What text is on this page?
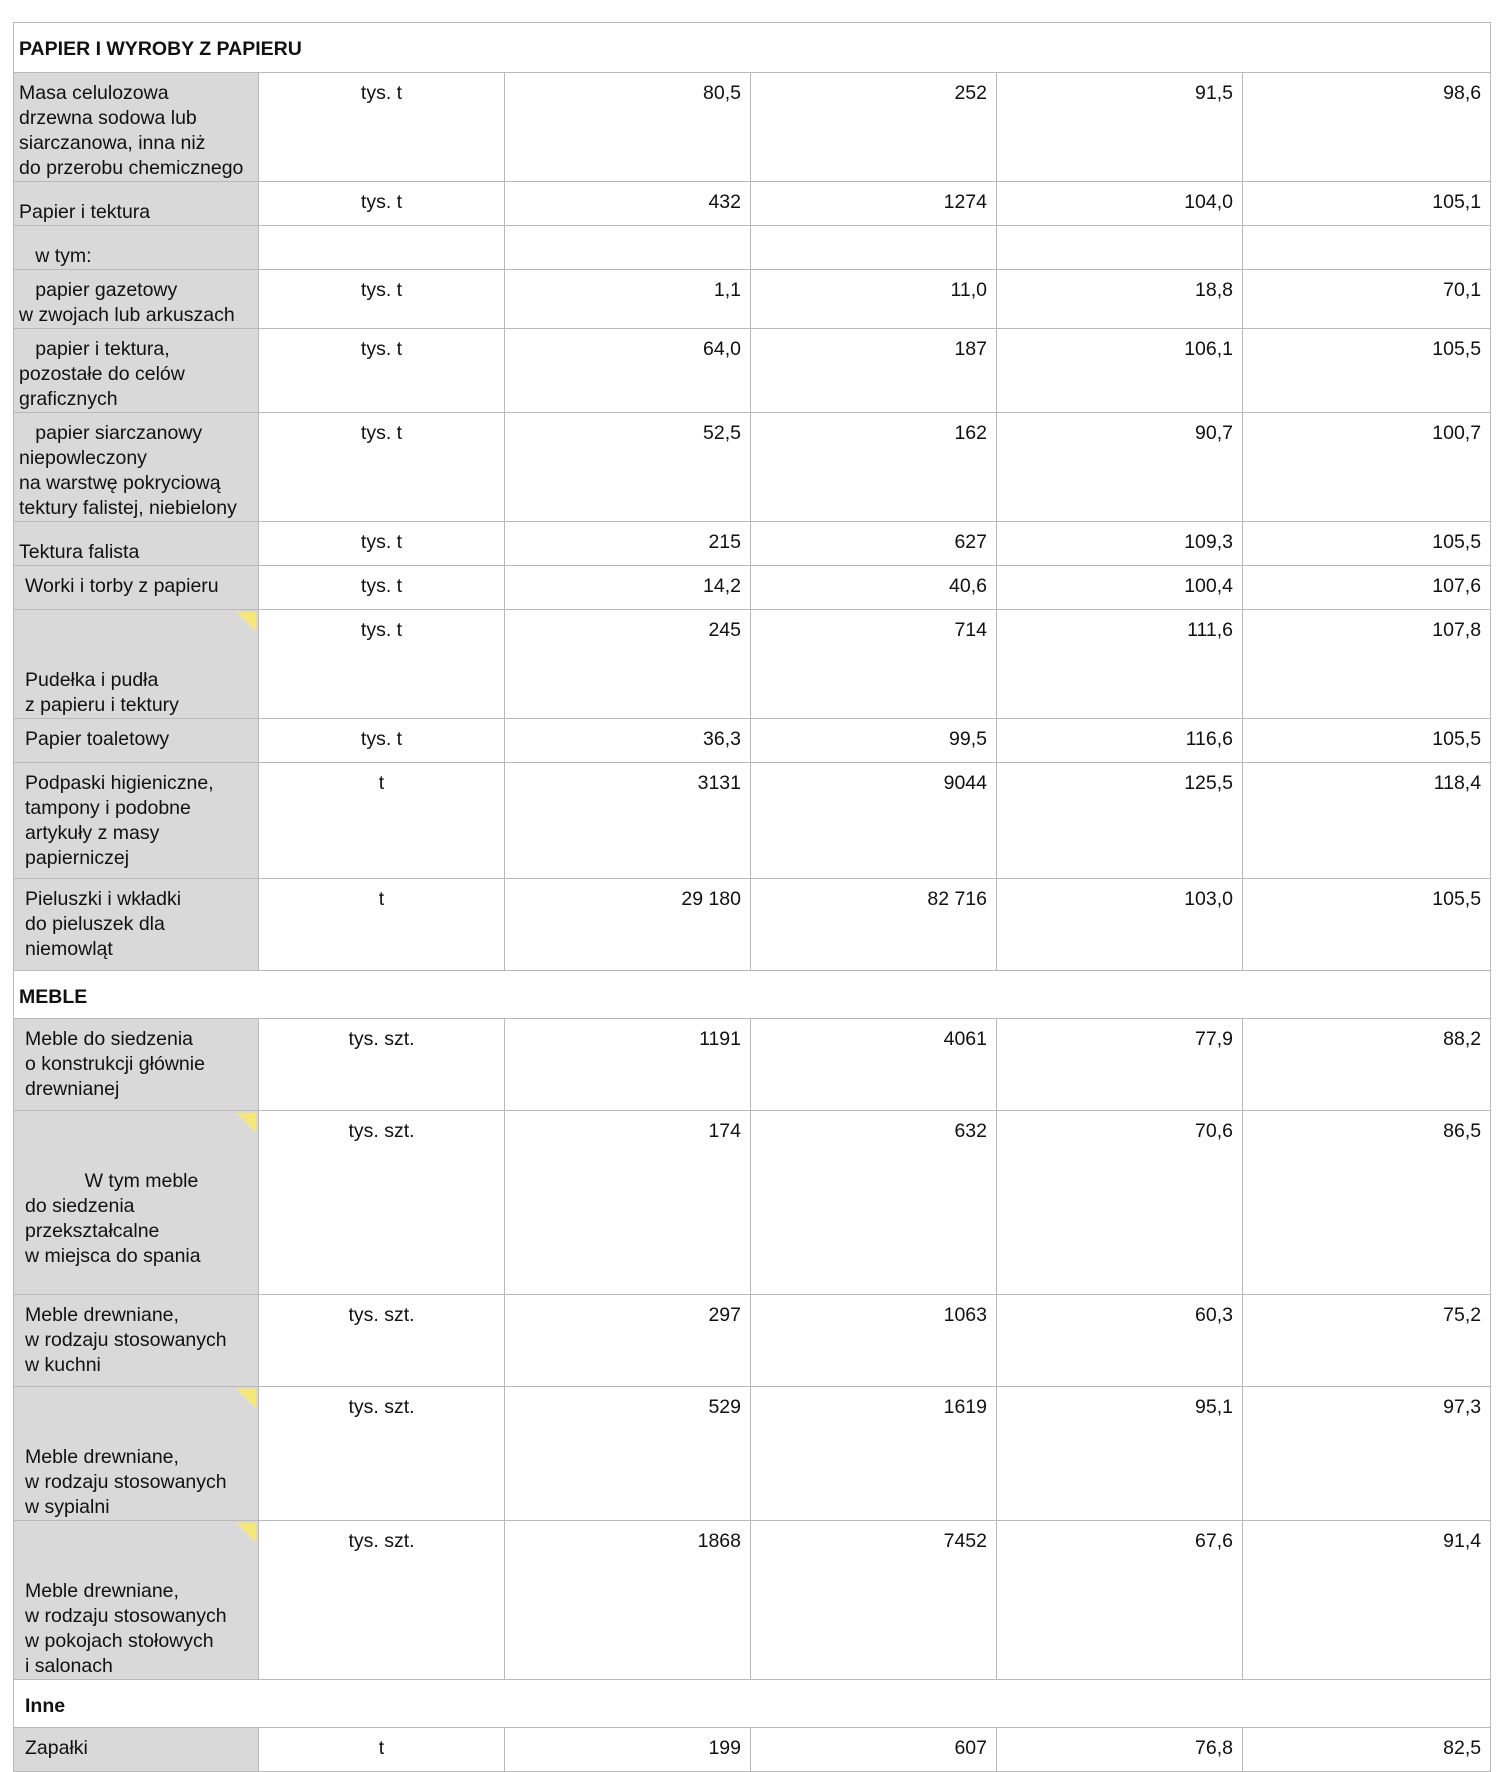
PAPIER I WYROBY Z PAPIERU					
Masa celulozowa
drzewna sodowa lub
siarczanowa, inna niż
do przerobu chemicznego	tys. t	80,5	252	91,5	98,6
Papier i tektura	tys. t	432	1274	104,0	105,1
w tym:					
papier gazetowy
w zwojach lub arkuszach	tys. t	1,1	11,0	18,8	70,1
papier i tektura,
pozostałe do celów
graficznych	tys. t	64,0	187	106,1	105,5
papier siarczanowy
niepowleczony
na warstwę pokryciową
tektury falistej, niebielony	tys. t	52,5	162	90,7	100,7
Tektura falista	tys. t	215	627	109,3	105,5
Worki i torby z papieru	tys. t	14,2	40,6	100,4	107,6

Pudełka i pudła
z papieru i tektury	tys. t	245	714	111,6	107,8
Papier toaletowy	tys. t	36,3	99,5	116,6	105,5
Podpaski higieniczne,
tampony i podobne
artykuły z masy
papierniczej	t	3131	9044	125,5	118,4
Pieluszki i wkładki
do pieluszek dla
niemowląt	t	29 180	82 716	103,0	105,5
MEBLE					
Meble do siedzenia
o konstrukcji głównie
drewnianej	tys. szt.	1191	4061	77,9	88,2

W tym meble
do siedzenia
przekształcalne
w miejsca do spania	tys. szt.	174	632	70,6	86,5
Meble drewniane,
w rodzaju stosowanych
w kuchni	tys. szt.	297	1063	60,3	75,2

Meble drewniane,
w rodzaju stosowanych
w sypialni	tys. szt.	529	1619	95,1	97,3

Meble drewniane,
w rodzaju stosowanych
w pokojach stołowych
i salonach	tys. szt.	1868	7452	67,6	91,4
Inne					
Zapałki	t	199	607	76,8	82,5
